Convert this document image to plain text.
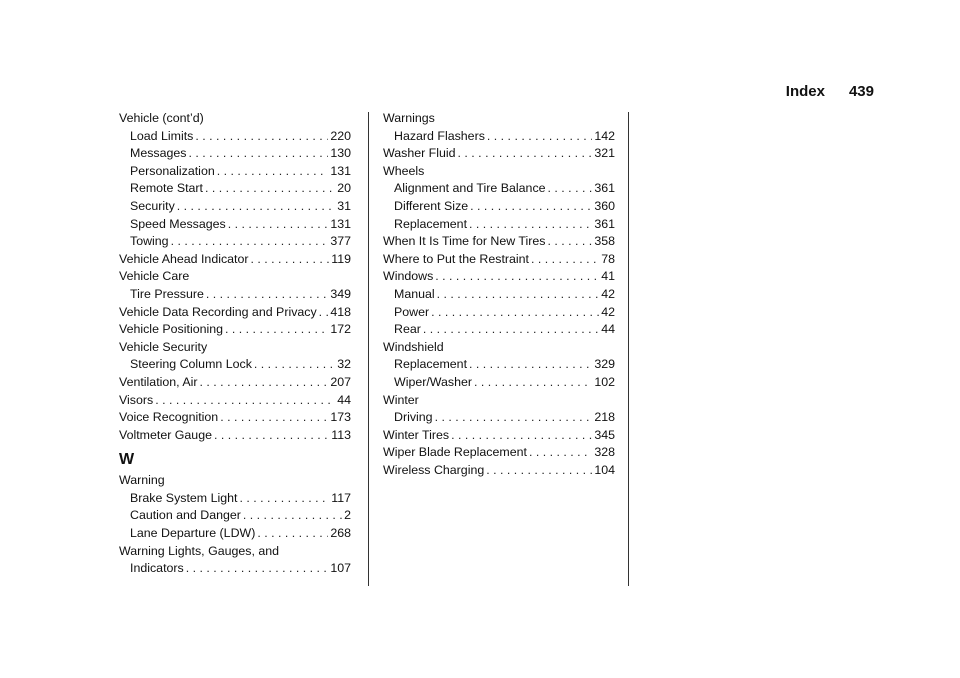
Index 439
Vehicle (cont’d)
Load Limits . . .	220
Messages . . .	130
Personalization . . .	131
Remote Start . . .	20
Security . . .	31
Speed Messages . . .	131
Towing . . .	377
Vehicle Ahead Indicator . . .	119
Vehicle Care
Tire Pressure . . .	349
Vehicle Data Recording and Privacy . . . 418
Vehicle Positioning . . .	172
Vehicle Security
Steering Column Lock . . .	32
Ventilation, Air . . .	207
Visors . . .	44
Voice Recognition . . .	173
Voltmeter Gauge . . .	113
W
Warning
Brake System Light . . .	117
Caution and Danger . . .	2
Lane Departure (LDW) . . .	268
Warning Lights, Gauges, and
Indicators . . .	107
Warnings
Hazard Flashers . . .	142
Washer Fluid . . .	321
Wheels
Alignment and Tire Balance . . .	361
Different Size . . .	360
Replacement . . .	361
When It Is Time for New Tires . . .	358
Where to Put the Restraint . . .	78
Windows . . .	41
Manual . . .	42
Power . . .	42
Rear . . .	44
Windshield
Replacement . . .	329
Wiper/Washer . . .	102
Winter
Driving . . .	218
Winter Tires . . .	345
Wiper Blade Replacement . . .	328
Wireless Charging . . .	104
